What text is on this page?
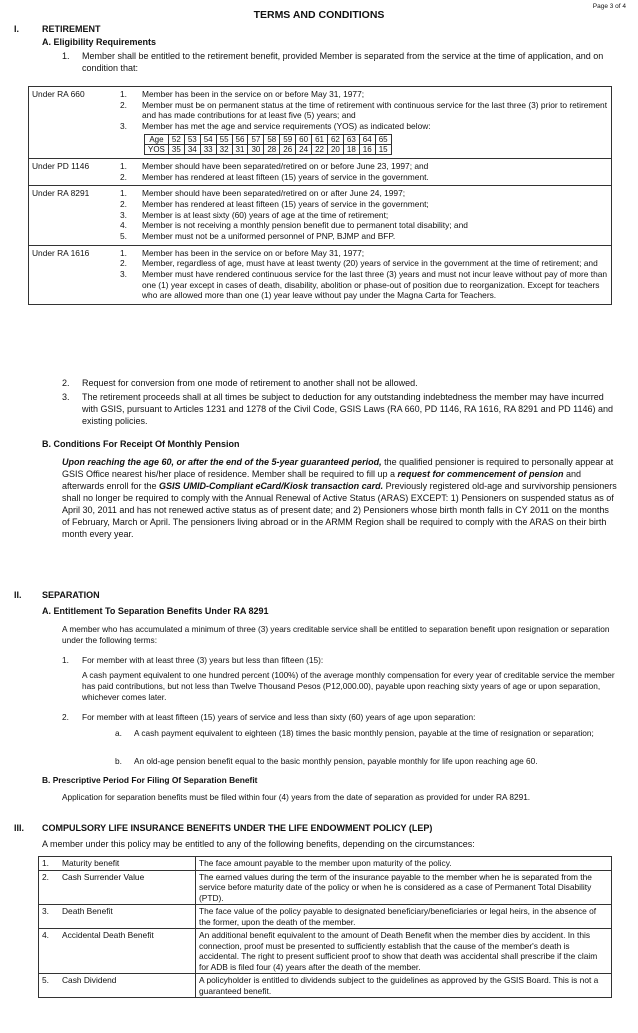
TERMS AND CONDITIONS
Page 3 of 4
I.	RETIREMENT
A. Eligibility Requirements
1.	Member shall be entitled to the retirement benefit, provided Member is separated from the service at the time of application, and on condition that:
Under RA 660	1. Member has been in the service on or before May 31, 1977;
2. Member must be on permanent status at the time of retirement with continuous service for the last three (3) prior to retirement and has made contributions for at least five (5) years; and
3. Member has met the age and service requirements (YOS) as indicated below:
Age	52	53	54	55	56	57	58	59	60	61	62	63	64	65
YOS	35	34	33	32	31	30	28	26	24	22	20	18	16	15

Under PD 1146	1. Member should have been separated/retired on or before June 23, 1997; and
2. Member has rendered at least fifteen (15) years of service in the government.

Under RA 8291	1. Member should have been separated/retired on or after June 24, 1997;
2. Member has rendered at least fifteen (15) years of service in the government;
3. Member is at least sixty (60) years of age at the time of retirement;
4. Member is not receiving a monthly pension benefit due to permanent total disability; and
5. Member must not be a uniformed personnel of PNP, BJMP and BFP.

Under RA 1616	1. Member has been in the service on or before May 31, 1977;
2. Member, regardless of age, must have at least twenty (20) years of service in the government at the time of retirement; and
3. Member must have rendered continuous service for the last three (3) years and must not incur leave without pay of more than one (1) year except in cases of death, disability, abolition or phase-out of position due to reorganization. Except for teachers who are allowed more than one (1) year leave without pay under the Magna Carta for Teachers.
2.	Request for conversion from one mode of retirement to another shall not be allowed.
3.	The retirement proceeds shall at all times be subject to deduction for any outstanding indebtedness the member may have incurred with GSIS, pursuant to Articles 1231 and 1278 of the Civil Code, GSIS Laws (RA 660, PD 1146, RA 1616, RA 8291 and PD 1146) and existing policies.
B. Conditions For Receipt Of Monthly Pension
Upon reaching the age 60, or after the end of the 5-year guaranteed period, the qualified pensioner is required to personally appear at GSIS Office nearest his/her place of residence. Member shall be required to fill up a request for commencement of pension and afterwards enroll for the GSIS UMID-Compliant eCard/Kiosk transaction card. Previously registered old-age and survivorship pensioners shall no longer be required to comply with the Annual Renewal of Active Status (ARAS) EXCEPT: 1) Pensioners on suspended status as of April 30, 2011 and has not renewed active status as of present date; and 2) Pensioners whose birth month falls in CY 2011 on the months of February, March or April. The pensioners living abroad or in the ARMM Region shall be required to comply with the ARAS on their birth month every year.
II. SEPARATION
A. Entitlement To Separation Benefits Under RA 8291
A member who has accumulated a minimum of three (3) years creditable service shall be entitled to separation benefit upon resignation or separation under the following terms:
1.	For member with at least three (3) years but less than fifteen (15):
A cash payment equivalent to one hundred percent (100%) of the average monthly compensation for every year of creditable service the member has paid contributions, but not less than Twelve Thousand Pesos (P12,000.00), payable upon reaching sixty years of age or upon separation, whichever comes later.
2.	For member with at least fifteen (15) years of service and less than sixty (60) years of age upon separation:
a.	A cash payment equivalent to eighteen (18) times the basic monthly pension, payable at the time of resignation or separation;
b.	An old-age pension benefit equal to the basic monthly pension, payable monthly for life upon reaching age 60.
B. Prescriptive Period For Filing Of Separation Benefit
Application for separation benefits must be filed within four (4) years from the date of separation as provided for under RA 8291.
III. COMPULSORY LIFE INSURANCE BENEFITS UNDER THE LIFE ENDOWMENT POLICY (LEP)
A member under this policy may be entitled to any of the following benefits, depending on the circumstances:
1. Maturity benefit	The face amount payable to the member upon maturity of the policy.
2. Cash Surrender Value	The earned values during the term of the insurance payable to the member when he is separated from the service before maturity date of the policy or when he is considered as a case of Permanent Total Disability (PTD).
3. Death Benefit	The face value of the policy payable to designated beneficiary/beneficiaries or legal heirs, in the absence of the former, upon the death of the member.
4. Accidental Death Benefit	An additional benefit equivalent to the amount of Death Benefit when the member dies by accident. In this connection, proof must be presented to sufficiently establish that the cause of the member's death is accidental. The right to present sufficient proof to show that death was accidental shall prescribe if the claim for ADB is filed four (4) years after the death of the member.
5. Cash Dividend	A policyholder is entitled to dividends subject to the guidelines as approved by the GSIS Board. This is not a guaranteed benefit.
